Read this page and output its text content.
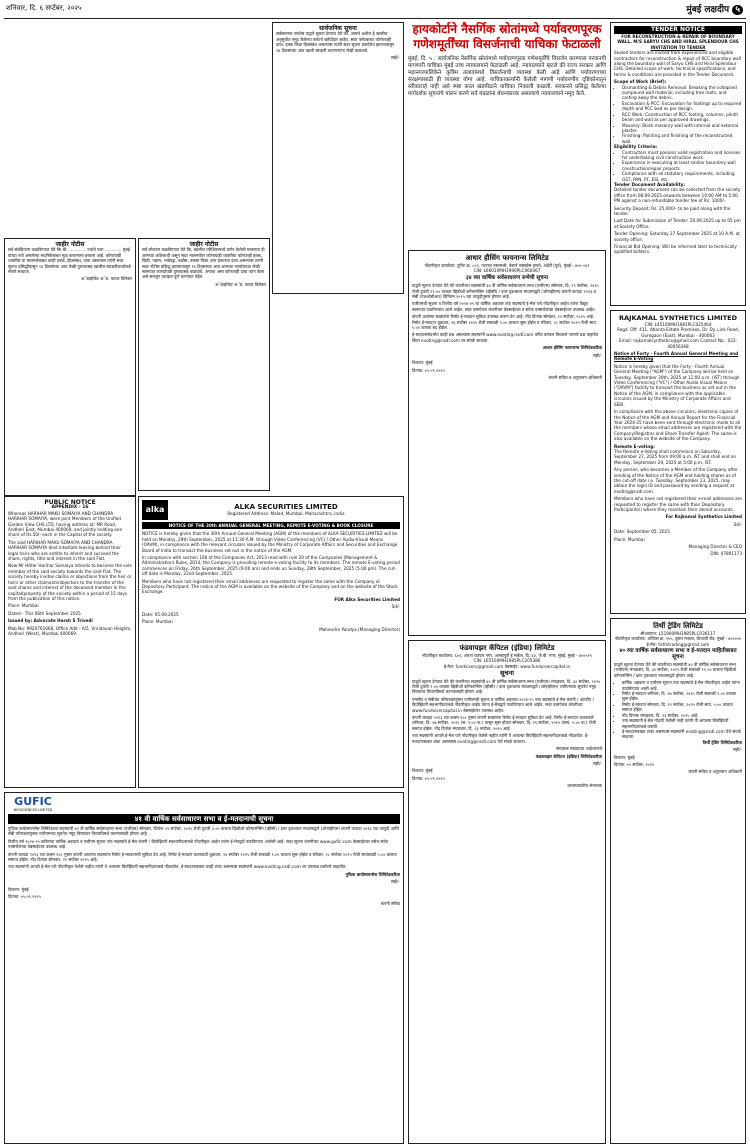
शनिवार, दि. ६ सप्टेंबर, २०२५	मुंबई लक्षदीप ५
जाहीर नोटीस

सर्व संबंधितांना कळविण्यात येते कि श्री. ………… ज्यांचे पत्ता ………… मुंबई यांच्या नावे असलेल्या सदनिकेबाबत मूळ करारनामा हरवला आहे. कोणत्याही व्यक्तीस या मालमत्तेबाबत काही हक्क, हितसंबंध, दावा असल्यास त्यांनी सदर सूचना प्रसिद्धीपासून १४ दिवसांच्या आत लेखी पुराव्यासह खालील स्वाक्षरीकर्त्याकडे संपर्क साधावा.

अॅडव्होकेट अॅड. पाटक विलेकर

जाहीर नोटीस

सर्व लोकांना कळविण्यात येते कि, खालील परिशिष्टामध्ये वर्णन केलेली मालमत्ता ही आमच्या अशिलाची असून सदर मालमत्तेवर कोणत्याही व्यक्तीचा कोणताही हक्क, विक्री, गहाण, भाडेपट्टा, बक्षीस, वारसा किंवा अन्य प्रकारचा दावा असल्यास त्यांनी सदर नोटीस प्रसिद्ध झाल्यापासून १४ दिवसांच्या आत आमच्या कार्यालयात लेखी स्वरूपात कागदोपत्री पुराव्यासह कळवावे. अन्यथा असा कोणताही दावा त्याग केला असे समजून व्यवहार पूर्ण करण्यात येईल.

अॅडव्होकेट अॅड. पाटक विलेकर

सार्वजनिक सूचना

सर्वसामान्य जनतेस याद्वारे सूचना देण्यात येते की, आमचे अशील हे खालील अनुसूचीत नमूद केलेल्या फ्लॅटचे खरेदीदार आहेत. सदर फ्लॅटबाबत कोणाचाही दावा, हक्क किंवा हितसंबंध असल्यास त्यांनी सदर सूचना प्रकाशित झाल्यापासून १४ दिवसांच्या आत खाली स्वाक्षरी करणाऱ्यांना लेखी कळवावे.

सही/-

PUBLIC NOTICE
APPENDIX - 16

Whereas HARIHAR MAKU SOMAIYA AND CHANDRA HARIHAR SOMAIYA, were joint Members of the Unified Garden View CHS LTD, having address at: MR Road, Andheri East, Mumbai 400069, and jointly holding one share of Rs.50/- each in the Capital of the society.

The said HARIHAR MAKU SOMAIYA AND CHANDRA HARIHAR SOMAIYA died intestate leaving behind their legal heirs who are entitle to inherit and succeed the share, rights, title and interest in the said Flat.

Now Mr Hitter Harihar Somaiya intends to become the sole member of the said society towards the said Flat. The society hereby invites claims or objections from the heir or heirs or other claimants/objectors to the transfer of the said shares and interest of the deceased member in the capital/property of the society within a period of 15 days from the publication of this notice.

Place: Mumbai

Dated - This 06th September 2025

Issued by: Advocate Harsh S Trivedi

Mob No: 9920761666, Office Add - A/5, Vrindavan Heights, Andheri (West), Mumbai 400069.

alka	ALKA SECURITIES LIMITED
Registered Address: Malad, Mumbai, Maharashtra, India
NOTICE OF THE 30th ANNUAL GENERAL MEETING, REMOTE E-VOTING & BOOK CLOSURE

NOTICE is hereby given that the 30th Annual General Meeting (AGM) of the members of ALKA SECURITIES LIMITED will be held on Monday, 29th September, 2025 at 11:30 A.M. through Video Conferencing (VC) / Other Audio-Visual Means (OAVM), in compliance with the relevant circulars issued by the Ministry of Corporate Affairs and Securities and Exchange Board of India to transact the business set out in the notice of the AGM.

In compliance with section 108 of the Companies Act, 2013 read with rule 20 of the Companies (Management & Administration) Rules, 2014, the Company is providing remote e-voting facility to its members. The remote E-voting period commences on Friday, 26th September, 2025 (9.00 am) and ends on Sunday, 28th September, 2025 (5.00 pm). The cut-off date is Monday, 22nd September, 2025.

Members who have not registered their email addresses are requested to register the same with the Company or Depository Participant. The notice of the AGM is available on the website of the Company and on the website of the Stock Exchange.

FOR Alka Securities Limited

Sd/-

Date: 05.09.2025

Place: Mumbai

Mahendra Pandya (Managing Director)

GUFIC
BIOSCIENCES LIMITED
४१ वी वार्षिक सर्वसाधारण सभा व ई-मतदानाची सूचना

गुफिक बायोसायन्सेस लिमिटेडच्या सदस्यांची ४१ वी वार्षिक सर्वसाधारण सभा (एजीएम) सोमवार, दिनांक २९ सप्टेंबर, २०२५ रोजी दुपारी ३.०० वाजता व्हिडीओ कॉन्फरन्सिंग (व्हीसी) / इतर दृकश्राव्य माध्यमाद्वारे (ओएव्हीएम) कंपनी कायदा २०१३ च्या तरतुदी आणि सेबी परिपत्रकांनुसार एजीएमच्या सूचनेत नमूद विषयांवर विचारविमर्श करण्यासाठी होणार आहे.

वित्तीय वर्ष २०२४-२५ करिताचा वार्षिक अहवाल व एजीएम सूचना ज्या सदस्यांचे ई-मेल कंपनी / डिपॉझिटरी सहभागीदाराकडे नोंदणीकृत आहेत त्यांना ई-मेलद्वारे पाठविण्यात आलेली आहे. सदर सूचना कंपनीच्या www.gufic.com वेबसाईटवर तसेच स्टॉक एक्सचेंजच्या वेबसाईटवर उपलब्ध आहे.

कंपनी कायदा २०१३ च्या कलम १०८ नुसार कंपनी आपल्या सदस्यांना रिमोट ई-मतदानाची सुविधा देत आहे. रिमोट ई-मतदान कालावधी शुक्रवार, २६ सप्टेंबर २०२५ रोजी सकाळी ९.०० वाजता सुरू होईल व रविवार, २८ सप्टेंबर २०२५ रोजी सायंकाळी ५.०० वाजता समाप्त होईल. नोंद दिनांक सोमवार, २२ सप्टेंबर २०२५ आहे.

ज्या सदस्यांनी आपले ई-मेल पत्ते नोंदणीकृत केलेले नाहीत त्यांनी ते आपल्या डिपॉझिटरी सहभागीदाराकडे नोंदवावेत. ई-मतदानाबाबत काही शंका असल्यास सदस्यांनी www.evoting.nsdl.com वर उपलब्ध प्रश्नोत्तरे पाहावीत.

गुफिक बायोसायन्सेस लिमिटेडकरिता

सही/-

ठिकाण: मुंबई

दिनांक: ०५.०९.२०२५

कंपनी सचिव

हायकोर्टाने नैसर्गिक स्रोतांमध्ये पर्यावरणपूरक गणेशमूर्तींच्या विसर्जनाची याचिका फेटाळली
मुंबई, दि. ५ : सार्वजनिक नैसर्गिक स्रोतांमध्ये पर्यावरणपूरक गणेशमूर्तींचे विसर्जन करण्यास परवानगी मागणारी याचिका मुंबई उच्च न्यायालयाने फेटाळली आहे. न्यायालयाने म्हटले की राज्य सरकार आणि महानगरपालिकेने कृत्रिम तलावांमध्ये विसर्जनाची व्यवस्था केली आहे आणि पर्यावरणाच्या संरक्षणासाठी ही व्यवस्था योग्य आहे. याचिकाकर्त्यांनी केलेली मागणी पर्यावरणीय दृष्टिकोनातून स्वीकारार्ह नाही असे स्पष्ट करत खंडपीठाने याचिका निकाली काढली. सरकारने प्रसिद्ध केलेल्या मार्गदर्शक सूचनांचे पालन करणे सर्व मंडळांना बंधनकारक असल्याचे न्यायालयाने नमूद केले.
TENDER NOTICE
FOR RECONSTRUCTION & REPAIR OF BOUNDARY WALL, M/S SARYU CHS AND HIRAL SPLENDOUR CHS
INVITATION TO TENDER

Sealed tenders are invited from experienced and eligible contractors for reconstruction & repair of RCC boundary wall along the boundary wall of Saryu CHS and Hiral Splendour CHS. Detailed scope of work, technical specifications, and terms & conditions are provided in the Tender Document.

Scope of Work (Brief):
• Dismantling & Debris Removal: Breaking the collapsed compound wall material, including tree roots, and carting away the debris.
• Excavation & PCC: Excavation for footings up to required depth and PCC bed as per design.
• RCC Work: Construction of RCC footing, columns, plinth beam and wall as per approved drawings.
• Masonry: Block masonry wall with internal and external plaster.
• Finishing: Painting and finishing of the reconstructed wall.
Eligibility Criteria:
• Contractors must possess valid registration and licenses for undertaking civil construction work.
• Experience in executing at least similar boundary wall construction/repair projects.
• Compliance with all statutory requirements, including GST, PAN, PF, ESI, etc.
Tender Document Availability:

Detailed tender document can be collected from the society office from 08.09.2025 onwards between 10:00 AM to 5:00 PM against a non-refundable tender fee of Rs. 1000/-.

Security Deposit: Rs. 25,000/- to be paid along with the tender.

Last Date for Submission of Tender: 20.09.2025 up to 05 pm at Society Office.

Tender Opening: Saturday 27 September 2025 at 10 A.M. at society office.

Financial Bid Opening: Will be informed later to technically qualified bidders.

आधार हौसिंग फायनान्स लिमिटेड
नोंदणीकृत कार्यालय: युनिट क्र. ८०२, नटराज रुस्तमजी, वेस्टर्न एक्सप्रेस हायवे, अंधेरी (पूर्व), मुंबई - ४०० ०६९
CIN: L66010MH1990PLC060067
३४ व्या वार्षिक सर्वसाधारण सभेची सूचना

याद्वारे सूचना देण्यात येते की कंपनीच्या सदस्यांची ३४ वी वार्षिक सर्वसाधारण सभा (एजीएम) सोमवार, दि. २९ सप्टेंबर, २०२५ रोजी दुपारी १२.०० वाजता व्हिडीओ कॉन्फरन्सिंग (व्हीसी) / इतर दृकश्राव्य माध्यमाद्वारे (ओएव्हीएम) कंपनी कायदा २०१३ व सेबी (एलओडीआर) विनियम २०१५ च्या तरतुदीनुसार होणार आहे.

एजीएमची सूचना व वित्तीय वर्ष २०२४-२५ चा वार्षिक अहवाल ज्या सदस्यांचे ई-मेल पत्ते नोंदणीकृत आहेत त्यांना विद्युत स्वरूपात पाठविण्यात आले आहेत. सदर दस्तऐवज कंपनीच्या वेबसाईटवर व स्टॉक एक्सचेंजच्या वेबसाईटवर उपलब्ध आहेत.

कंपनी आपल्या सदस्यांना रिमोट ई-मतदान सुविधा उपलब्ध करून देत आहे. नोंद दिनांक सोमवार, २२ सप्टेंबर, २०२५ आहे. रिमोट ई-मतदान शुक्रवार, २६ सप्टेंबर २०२५ रोजी सकाळी ९.०० वाजता सुरू होईल व रविवार, २८ सप्टेंबर २०२५ रोजी सायं. ५.०० वाजता बंद होईल.

ई-मतदानासंदर्भात काही प्रश्न असल्यास सदस्यांनी www.evoting.nsdl.com वरील वारंवार विचारले जाणारे प्रश्न पाहावेत किंवा evoting@nsdl.com वर संपर्क साधावा.

आधार हौसिंग फायनान्स लिमिटेडकरिता

सही/-

ठिकाण: मुंबई

दिनांक: ०५.०९.२०२५

कंपनी सचिव व अनुपालन अधिकारी

RAJKAMAL SYNTHETICS LIMITED
CIN: L45100MH1981PLC025464
Regd. Off: 411, Atlanta Estate Premises, Dr. Dy. Link Road, Goregaon (East), Mumbai - 400063
Email: rajkamalsynthetics@gmail.com Contact No.: 022-40056368
Notice of Forty - Fourth Annual General Meeting and Remote E-Voting

Notice is hereby given that the Forty - Fourth Annual General Meeting ("AGM") of the Company will be held on Tuesday, September 30th, 2025 at 11:00 a.m. (IST) through Video Conferencing ("VC") / Other Audio Visual Means ("OAVM") facility to transact the business as set out in the Notice of the AGM, in compliance with the applicable circulars issued by the Ministry of Corporate Affairs and SEBI.

In compliance with the above circulars, electronic copies of the Notice of the AGM and Annual Report for the Financial Year 2024-25 have been sent through electronic mode to all the members whose email addresses are registered with the Company/Registrar and Share Transfer Agent. The same is also available on the website of the Company.

Remote E-voting:

The Remote e-Voting shall commence on Saturday, September 27, 2025 from 09:00 a.m. IST and shall end on Monday, September 29, 2025 at 5:00 p.m. IST.

Any person, who becomes a Member of the Company after sending of the Notice of the AGM and holding shares as of the cut-off date i.e. Tuesday, September 23, 2025, may obtain the login ID and password by sending a request at evoting@nsdl.com.

Members who have not registered their e-mail addresses are requested to register the same with their Depository Participant(s) where they maintain their demat accounts.

For Rajkamal Synthetics Limited

Sd/-

Date: September 05, 2025

Place: Mumbai

Managing Director & CEO

DIN: 07891173

फंडवायझर कॅपिटल (इंडिया) लिमिटेड
नोंदणीकृत कार्यालय: ६०१, अपना व्यापार नगर, अल्कापुरी ई सर्कल, दि. ४३, जे.बी. नगर, मुंबई, मुंबई - ४०००१९
CIN: L65100MH1985PLC205386
ई-मेल: fundviserc@gmail.com वेबसाईट: www.fundvisercapital.in
सूचना

याद्वारे सूचना देण्यात येते की कंपनीच्या सदस्यांची ४० वी वार्षिक सर्वसाधारण सभा (एजीएम) मंगळवार, दि. ३० सप्टेंबर, २०२५ रोजी दुपारी १.०० वाजता व्हिडीओ कॉन्फरन्सिंग (व्हीसी) / इतर दृकश्राव्य माध्यमाद्वारे (ओएव्हीएम) एजीएमच्या सूचनेत नमूद विषयांवर विचारविमर्श करण्यासाठी होणार आहे.

एमसीए व सेबीच्या परिपत्रकांनुसार एजीएमची सूचना व वार्षिक अहवाल २०२४-२५ ज्या सदस्यांचे ई-मेल कंपनी / आरटीए / डिपॉझिटरी सहभागीदाराकडे नोंदणीकृत आहेत त्यांना ई-मेलद्वारे पाठविण्यात आले आहेत. सदर दस्तऐवज कंपनीच्या www.fundvisercapital.in वेबसाईटवर उपलब्ध आहेत.

कंपनी कायदा २०१३ च्या कलम १०८ नुसार कंपनी सदस्यांना रिमोट ई-मतदान सुविधा देत आहे. रिमोट ई-मतदान कालावधी शनिवार, दि. २७ सप्टेंबर, २०२५ (स. ९.०० वा.) पासून सुरू होऊन सोमवार, दि. २९ सप्टेंबर, २०२५ (सायं. ५.०० वा.) रोजी समाप्त होईल. नोंद दिनांक मंगळवार, दि. २३ सप्टेंबर, २०२५ आहे.

ज्या सदस्यांनी आपले ई-मेल पत्ते नोंदणीकृत केलेले नाहीत त्यांनी ते आपल्या डिपॉझिटरी सहभागीदाराकडे नोंदवावेत. ई-मतदानाबाबत शंका असल्यास evoting@nsdl.com येथे संपर्क साधावा.

संचालक मंडळाच्या आदेशान्वये

फंडवायझर कॅपिटल (इंडिया) लिमिटेडकरिता

सही/-

ठिकाण: मुंबई

दिनांक: ०५.०९.२०२५

व्यवस्थापकीय संचालक

तिर्थी ट्रेडिंग लिमिटेड
सीआयएन: L51900MH1985PLC036117
नोंदणीकृत कार्यालय: ऑफिस क्र. २०५, दुसरा मजला, शिवाजी रोड, मुंबई - ४०००२०
ई-मेल: tirthitrading@gmail.com
४० व्या वार्षिक सर्वसाधारण सभा व ई-मतदान माहितीबाबत सूचना

याद्वारे सूचना देण्यात येते की कंपनीच्या सदस्यांची ४० वी वार्षिक सर्वसाधारण सभा (एजीएम) मंगळवार, दि. ३० सप्टेंबर, २०२५ रोजी सकाळी ११.०० वाजता व्हिडीओ कॉन्फरन्सिंग / इतर दृकश्राव्य माध्यमाद्वारे होणार आहे.

• वार्षिक अहवाल व एजीएम सूचना ज्या सदस्यांचे ई-मेल नोंदणीकृत आहेत त्यांना पाठविण्यात आली आहे.
• रिमोट ई-मतदान शनिवार, दि. २७ सप्टेंबर, २०२५ रोजी सकाळी ९.०० वाजता सुरू होईल.
• रिमोट ई-मतदान सोमवार, दि. २९ सप्टेंबर, २०२५ रोजी सायं. ५.०० वाजता समाप्त होईल.
• नोंद दिनांक मंगळवार, दि. २३ सप्टेंबर, २०२५ आहे.
• ज्या सदस्यांनी ई-मेल नोंदणी केलेली नाही त्यांनी ती आपल्या डिपॉझिटरी सहभागीदाराकडे करावी.
• ई-मतदानाबाबत शंका असल्यास सदस्यांनी evoting@nsdl.com येथे संपर्क साधावा.

तिर्थी ट्रेडिंग लिमिटेडकरिता

सही/-

ठिकाण: मुंबई

दिनांक: ०५ सप्टेंबर, २०२५

कंपनी सचिव व अनुपालन अधिकारी
